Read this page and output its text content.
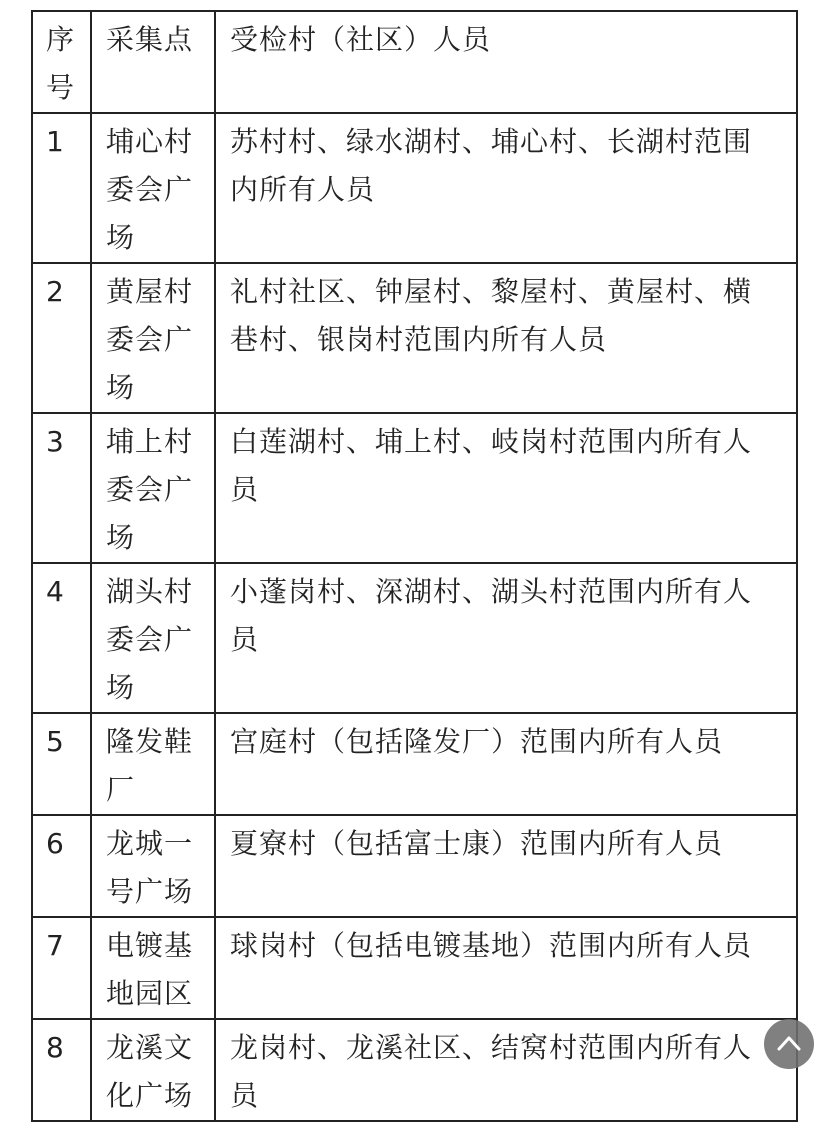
序号	采集点	受检村（社区）人员
1	埔心村委会广场	苏村村、绿水湖村、埔心村、长湖村范围内所有人员
2	黄屋村委会广场	礼村社区、钟屋村、黎屋村、黄屋村、横巷村、银岗村范围内所有人员
3	埔上村委会广场	白莲湖村、埔上村、岐岗村范围内所有人员
4	湖头村委会广场	小蓬岗村、深湖村、湖头村范围内所有人员
5	隆发鞋厂	宫庭村（包括隆发厂）范围内所有人员
6	龙城一号广场	夏寮村（包括富士康）范围内所有人员
7	电镀基地园区	球岗村（包括电镀基地）范围内所有人员
8	龙溪文化广场	龙岗村、龙溪社区、结窝村范围内所有人员
